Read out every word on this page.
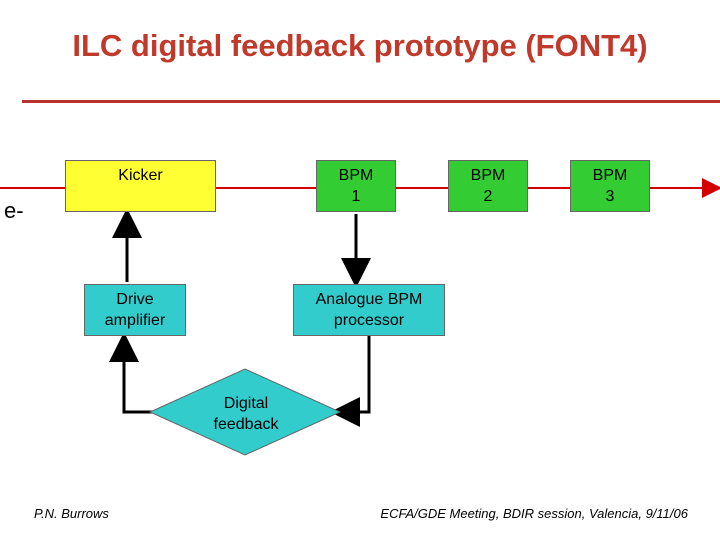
ILC digital feedback prototype (FONT4)
e-
Kicker	BPM
1
BPM
2
BPM
3
Drive
amplifier
Analogue BPM
processor
Digital
feedback
P.N. Burrows	ECFA/GDE Meeting, BDIR session, Valencia, 9/11/06
